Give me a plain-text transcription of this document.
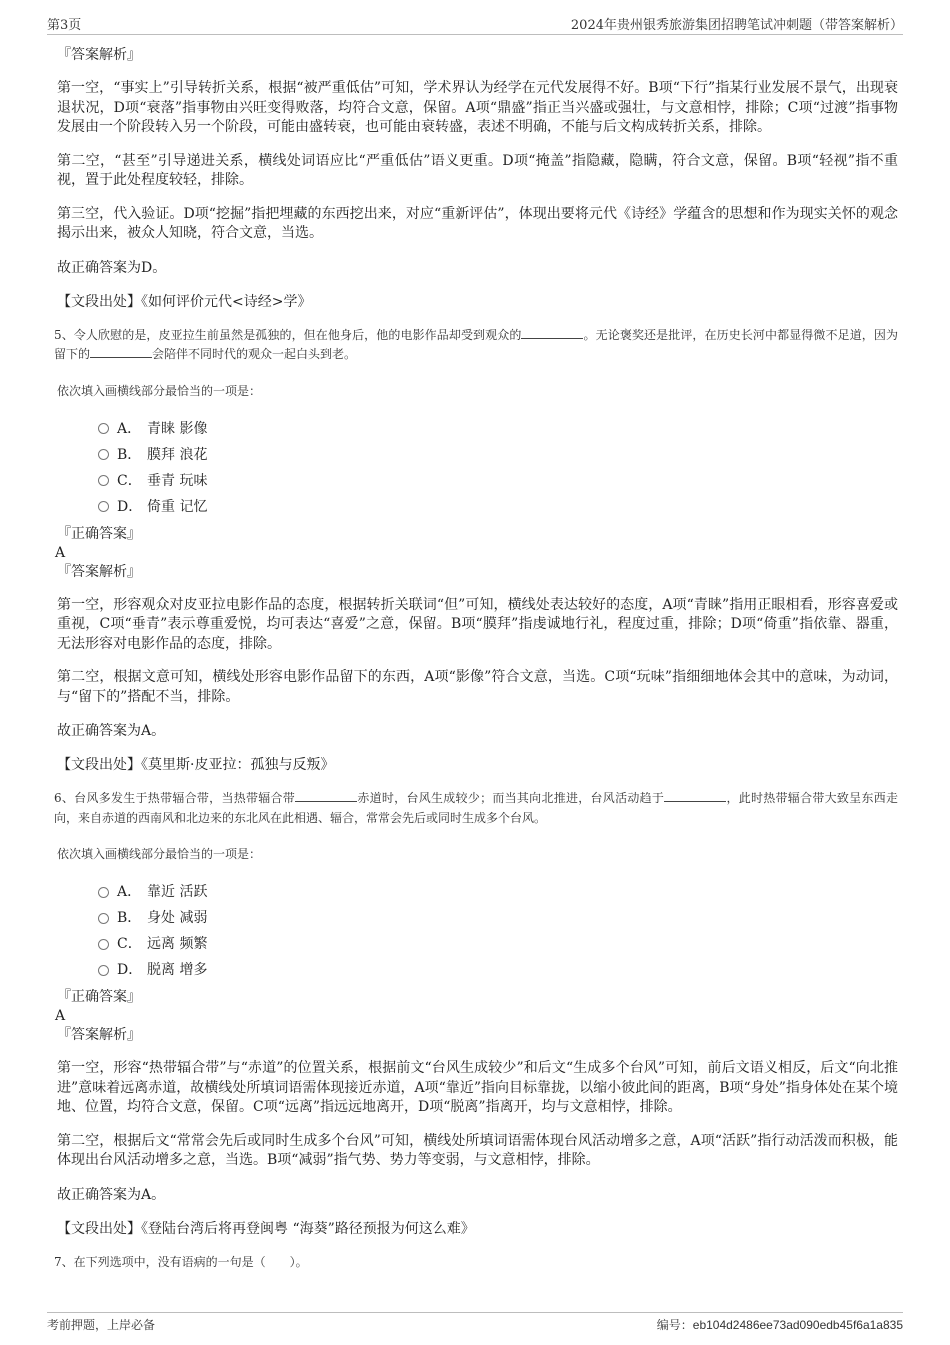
第3页	2024年贵州银秀旅游集团招聘笔试冲刺题（带答案解析）
『答案解析』

第一空，“事实上”引导转折关系，根据“被严重低估”可知，学术界认为经学在元代发展得不好。B项“下行”指某行业发展不景气，出现衰退状况，D项“衰落”指事物由兴旺变得败落，均符合文意，保留。A项“鼎盛”指正当兴盛或强壮，与文意相悖，排除；C项“过渡”指事物发展由一个阶段转入另一个阶段，可能由盛转衰，也可能由衰转盛，表述不明确，不能与后文构成转折关系，排除。

第二空，“甚至”引导递进关系，横线处词语应比“严重低估”语义更重。D项“掩盖”指隐藏，隐瞒，符合文意，保留。B项“轻视”指不重视，置于此处程度较轻，排除。

第三空，代入验证。D项“挖掘”指把埋藏的东西挖出来，对应“重新评估”，体现出要将元代《诗经》学蕴含的思想和作为现实关怀的观念揭示出来，被众人知晓，符合文意，当选。

故正确答案为D。
【文段出处】《如何评价元代<诗经>学》
5、令人欣慰的是，皮亚拉生前虽然是孤独的，但在他身后，他的电影作品却受到观众的	。无论褒奖还是批评，在历史长河中都显得微不足道，因为留下的	会陪伴不同时代的观众一起白头到老。
依次填入画横线部分最恰当的一项是：
A． 青睐 影像
B． 膜拜 浪花
C． 垂青 玩味
D． 倚重 记忆
『正确答案』
A
『答案解析』

第一空，形容观众对皮亚拉电影作品的态度，根据转折关联词“但”可知，横线处表达较好的态度，A项“青睐”指用正眼相看，形容喜爱或重视，C项“垂青”表示尊重爱悦，均可表达“喜爱”之意，保留。B项“膜拜”指虔诚地行礼，程度过重，排除；D项“倚重”指依靠、器重，无法形容对电影作品的态度，排除。

第二空，根据文意可知，横线处形容电影作品留下的东西，A项“影像”符合文意，当选。C项“玩味”指细细地体会其中的意味，为动词，与“留下的”搭配不当，排除。

故正确答案为A。
【文段出处】《莫里斯·皮亚拉：孤独与反叛》
6、台风多发生于热带辐合带，当热带辐合带	赤道时，台风生成较少；而当其向北推进，台风活动趋于	，此时热带辐合带大致呈东西走向，来自赤道的西南风和北边来的东北风在此相遇、辐合，常常会先后或同时生成多个台风。
依次填入画横线部分最恰当的一项是：
A． 靠近 活跃
B． 身处 减弱
C． 远离 频繁
D． 脱离 增多
『正确答案』
A
『答案解析』

第一空，形容“热带辐合带”与“赤道”的位置关系，根据前文“台风生成较少”和后文“生成多个台风”可知，前后文语义相反，后文“向北推进”意味着远离赤道，故横线处所填词语需体现接近赤道，A项“靠近”指向目标靠拢，以缩小彼此间的距离，B项“身处”指身体处在某个境地、位置，均符合文意，保留。C项“远离”指远远地离开，D项“脱离”指离开，均与文意相悖，排除。

第二空，根据后文“常常会先后或同时生成多个台风”可知，横线处所填词语需体现台风活动增多之意，A项“活跃”指行动活泼而积极，能体现出台风活动增多之意，当选。B项“减弱”指气势、势力等变弱，与文意相悖，排除。

故正确答案为A。
【文段出处】《登陆台湾后将再登闽粤 “海葵”路径预报为何这么难》
7、在下列选项中，没有语病的一句是（　　）。
考前押题，上岸必备	编号：eb104d2486ee73ad090edb45f6a1a835
